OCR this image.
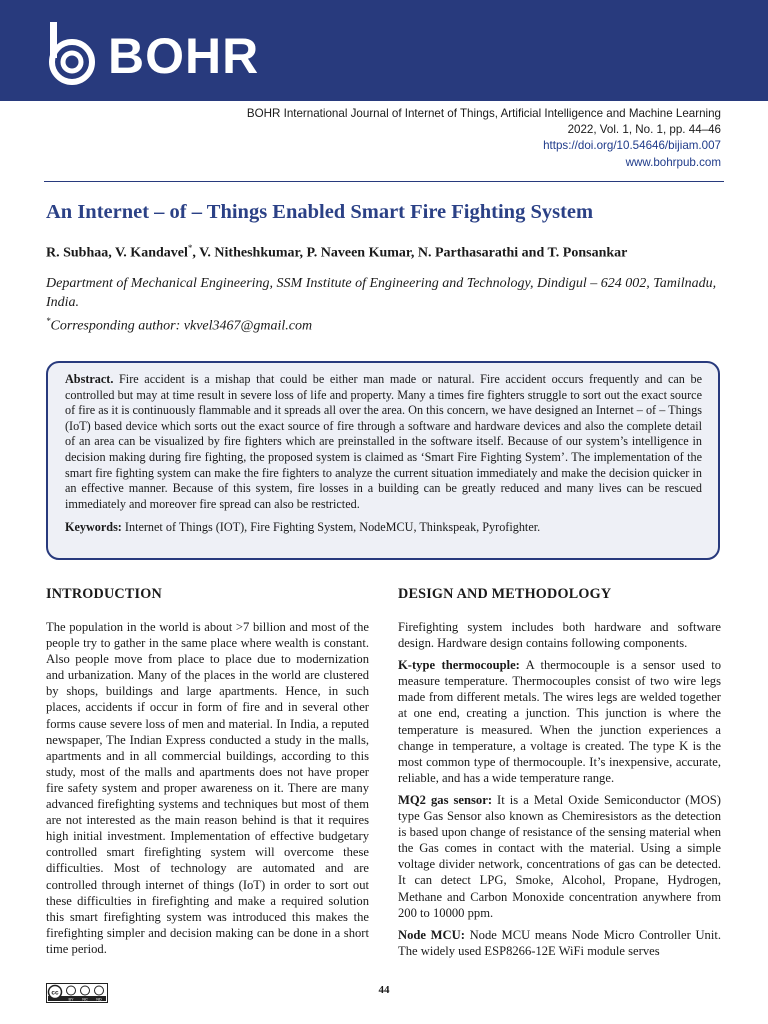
BOHR
BOHR International Journal of Internet of Things, Artificial Intelligence and Machine Learning
2022, Vol. 1, No. 1, pp. 44–46
https://doi.org/10.54646/bijiam.007
www.bohrpub.com
An Internet – of – Things Enabled Smart Fire Fighting System

R. Subhaa, V. Kandavel*, V. Nitheshkumar, P. Naveen Kumar, N. Parthasarathi and T. Ponsankar

Department of Mechanical Engineering, SSM Institute of Engineering and Technology, Dindigul – 624 002, Tamilnadu, India.
*Corresponding author: vkvel3467@gmail.com

Abstract. Fire accident is a mishap that could be either man made or natural. Fire accident occurs frequently and can be controlled but may at time result in severe loss of life and property. Many a times fire fighters struggle to sort out the exact source of fire as it is continuously flammable and it spreads all over the area. On this concern, we have designed an Internet – of – Things (IoT) based device which sorts out the exact source of fire through a software and hardware devices and also the complete detail of an area can be visualized by fire fighters which are preinstalled in the software itself. Because of our system’s intelligence in decision making during fire fighting, the proposed system is claimed as ‘Smart Fire Fighting System’. The implementation of the smart fire fighting system can make the fire fighters to analyze the current situation immediately and make the decision quicker in an effective manner. Because of this system, fire losses in a building can be greatly reduced and many lives can be rescued immediately and moreover fire spread can also be restricted.

Keywords: Internet of Things (IOT), Fire Fighting System, NodeMCU, Thinkspeak, Pyrofighter.

INTRODUCTION

The population in the world is about >7 billion and most of the people try to gather in the same place where wealth is constant. Also people move from place to place due to modernization and urbanization. Many of the places in the world are clustered by shops, buildings and large apartments. Hence, in such places, accidents if occur in form of fire and in several other forms cause severe loss of men and material. In India, a reputed newspaper, The Indian Express conducted a study in the malls, apartments and in all commercial buildings, according to this study, most of the malls and apartments does not have proper fire safety system and proper awareness on it. There are many advanced firefighting systems and techniques but most of them are not interested as the main reason behind is that it requires high initial investment. Implementation of effective budgetary controlled smart firefighting system will overcome these difficulties. Most of technology are automated and are controlled through internet of things (IoT) in order to sort out these difficulties in firefighting and make a required solution this smart firefighting system was introduced this makes the firefighting simpler and decision making can be done in a short time period.

DESIGN AND METHODOLOGY

Firefighting system includes both hardware and software design. Hardware design contains following components.

K-type thermocouple: A thermocouple is a sensor used to measure temperature. Thermocouples consist of two wire legs made from different metals. The wires legs are welded together at one end, creating a junction. This junction is where the temperature is measured. When the junction experiences a change in temperature, a voltage is created. The type K is the most common type of thermocouple. It’s inexpensive, accurate, reliable, and has a wide temperature range.

MQ2 gas sensor: It is a Metal Oxide Semiconductor (MOS) type Gas Sensor also known as Chemiresistors as the detection is based upon change of resistance of the sensing material when the Gas comes in contact with the material. Using a simple voltage divider network, concentrations of gas can be detected. It can detect LPG, Smoke, Alcohol, Propane, Hydrogen, Methane and Carbon Monoxide concentration anywhere from 200 to 10000 ppm.

Node MCU: Node MCU means Node Micro Controller Unit. The widely used ESP8266-12E WiFi module serves

cc
BY NC ND
44
